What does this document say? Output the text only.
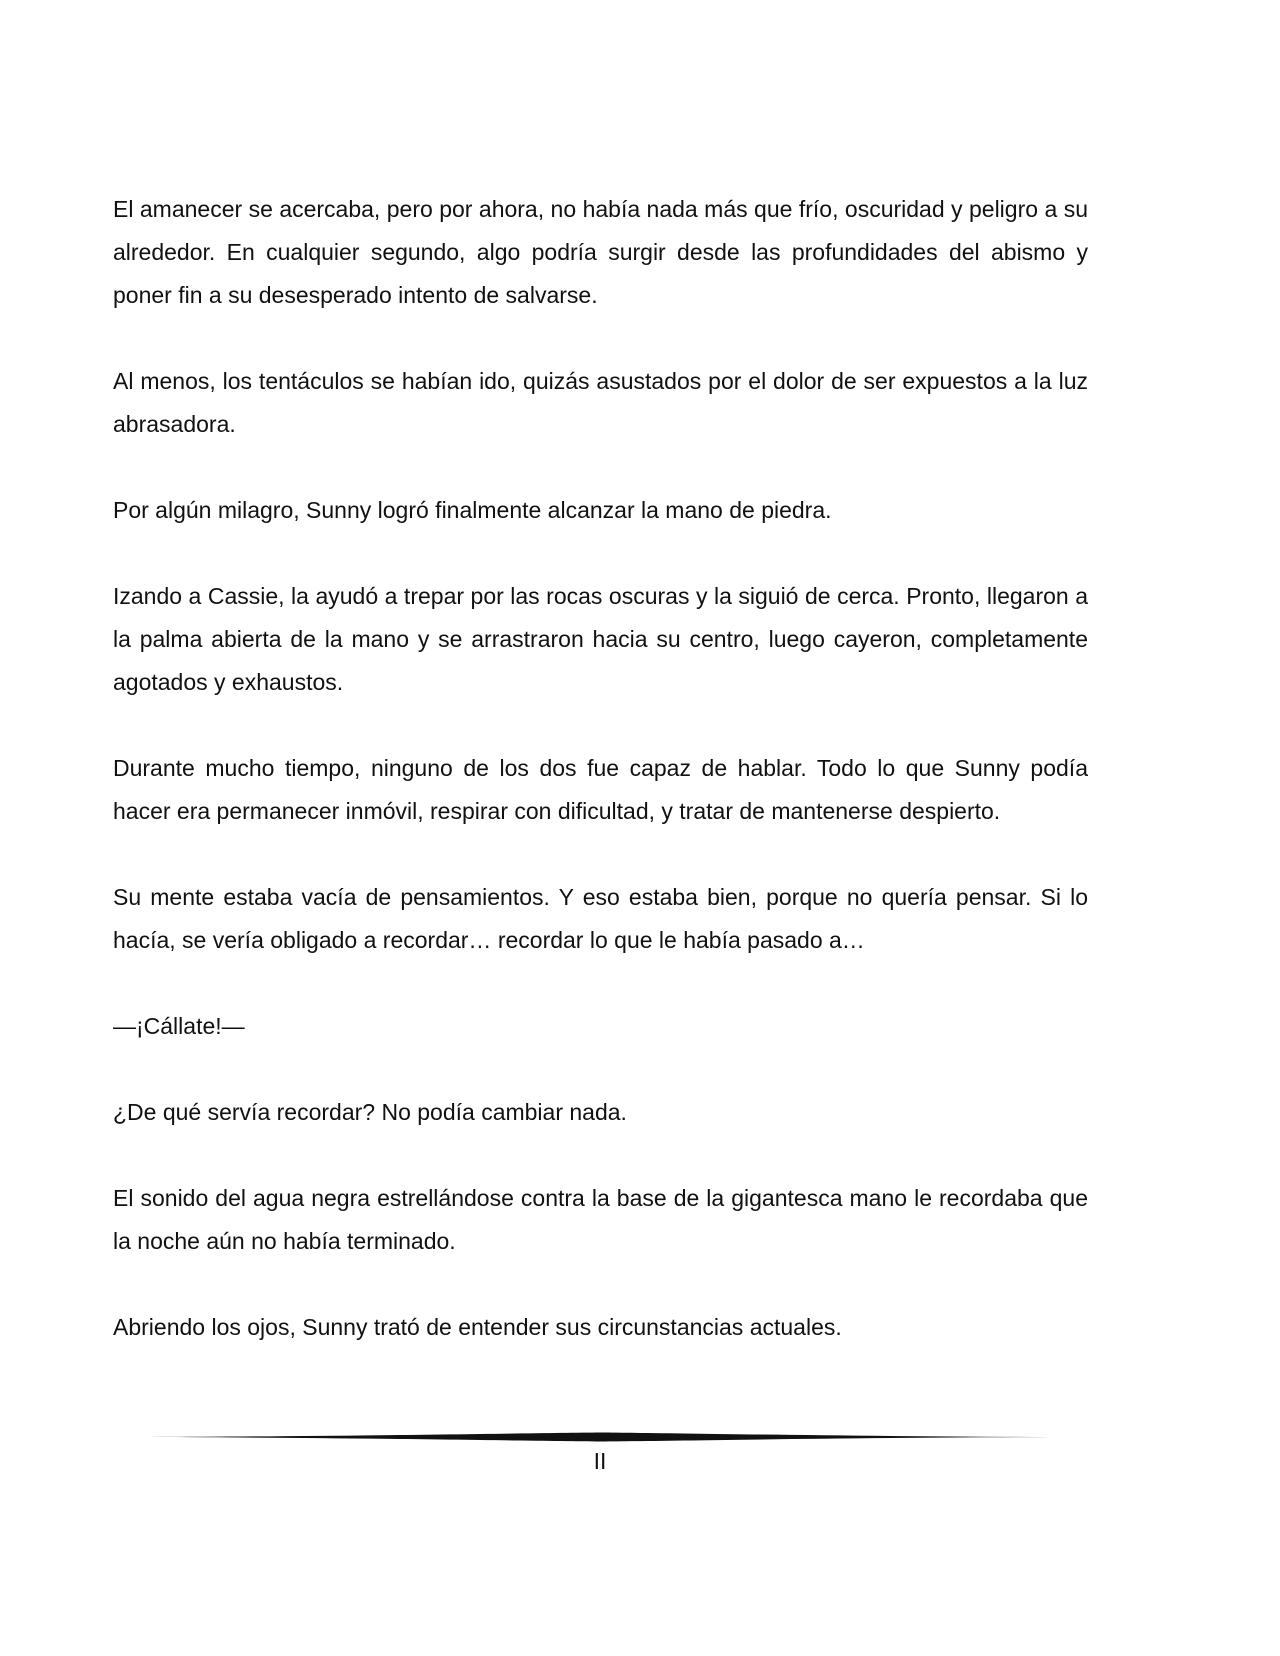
El amanecer se acercaba, pero por ahora, no había nada más que frío, oscuridad y peligro a su alrededor. En cualquier segundo, algo podría surgir desde las profundidades del abismo y poner fin a su desesperado intento de salvarse.

Al menos, los tentáculos se habían ido, quizás asustados por el dolor de ser expuestos a la luz abrasadora.

Por algún milagro, Sunny logró finalmente alcanzar la mano de piedra.

Izando a Cassie, la ayudó a trepar por las rocas oscuras y la siguió de cerca. Pronto, llegaron a la palma abierta de la mano y se arrastraron hacia su centro, luego cayeron, completamente agotados y exhaustos.

Durante mucho tiempo, ninguno de los dos fue capaz de hablar. Todo lo que Sunny podía hacer era permanecer inmóvil, respirar con dificultad, y tratar de mantenerse despierto.

Su mente estaba vacía de pensamientos. Y eso estaba bien, porque no quería pensar. Si lo hacía, se vería obligado a recordar… recordar lo que le había pasado a…

—¡Cállate!—

¿De qué servía recordar? No podía cambiar nada.

El sonido del agua negra estrellándose contra la base de la gigantesca mano le recordaba que la noche aún no había terminado.

Abriendo los ojos, Sunny trató de entender sus circunstancias actuales.

II
